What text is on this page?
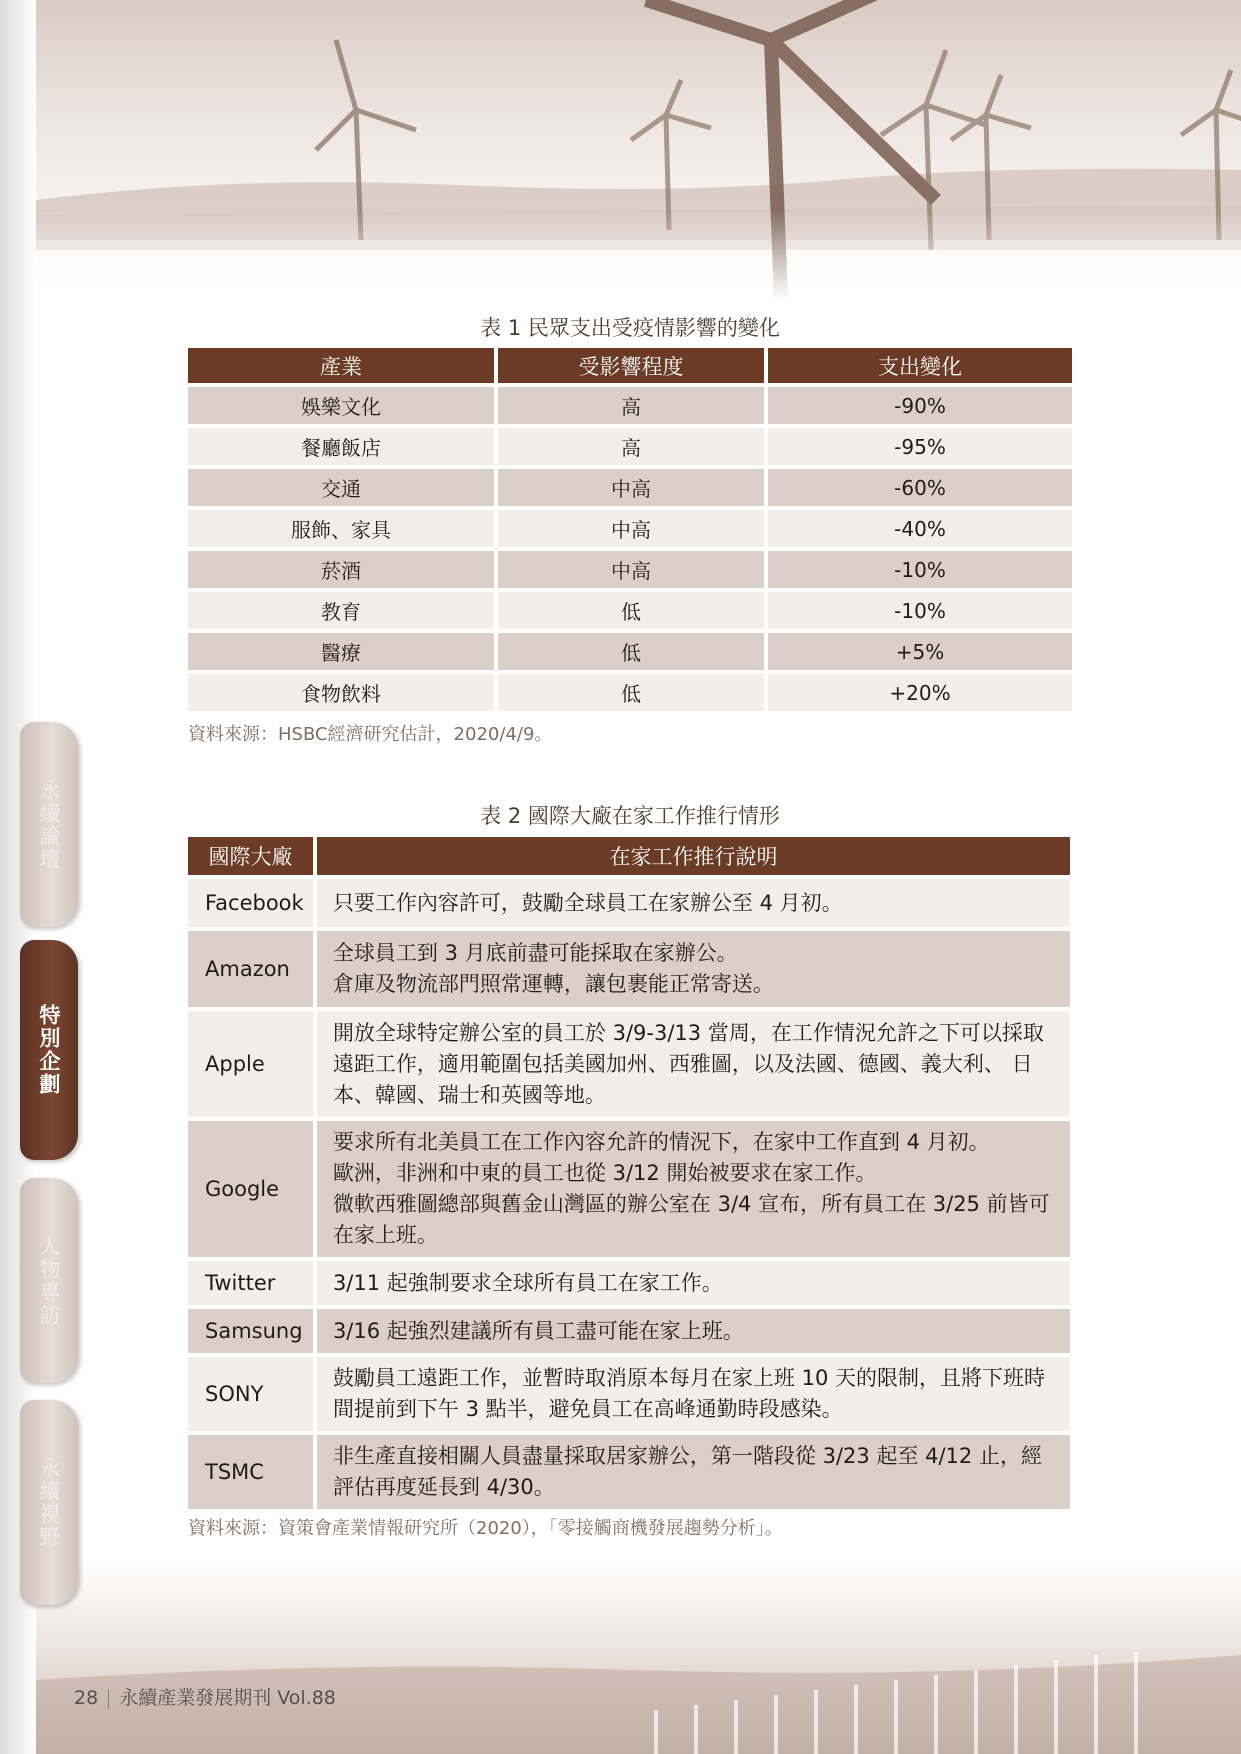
永續論壇
特別企劃
人物專訪
永續視野
表 1 民眾支出受疫情影響的變化
產業	受影響程度	支出變化
娛樂文化	高	-90%
餐廳飯店	高	-95%
交通	中高	-60%
服飾、家具	中高	-40%
菸酒	中高	-10%
教育	低	-10%
醫療	低	+5%
食物飲料	低	+20%
資料來源：HSBC經濟研究估計，2020/4/9。
表 2 國際大廠在家工作推行情形
國際大廠	在家工作推行說明
Facebook	只要工作內容許可，鼓勵全球員工在家辦公至 4 月初。

Amazon	全球員工到 3 月底前盡可能採取在家辦公。
倉庫及物流部門照常運轉，讓包裹能正常寄送。

Apple	開放全球特定辦公室的員工於 3/9-3/13 當周，在工作情況允許之下可以採取遠距工作，適用範圍包括美國加州、西雅圖，以及法國、德國、義大利、 日本、韓國、瑞士和英國等地。

Google	要求所有北美員工在工作內容允許的情況下，在家中工作直到 4 月初。
歐洲，非洲和中東的員工也從 3/12 開始被要求在家工作。
微軟西雅圖總部與舊金山灣區的辦公室在 3/4 宣布，所有員工在 3/25 前皆可在家上班。

Twitter	3/11 起強制要求全球所有員工在家工作。

Samsung	3/16 起強烈建議所有員工盡可能在家上班。

SONY	鼓勵員工遠距工作，並暫時取消原本每月在家上班 10 天的限制，且將下班時間提前到下午 3 點半，避免員工在高峰通勤時段感染。

TSMC	非生產直接相關人員盡量採取居家辦公，第一階段從 3/23 起至 4/12 止，經評估再度延長到 4/30。
資料來源：資策會產業情報研究所（2020），「零接觸商機發展趨勢分析」。
28 永續產業發展期刊 Vol.88
